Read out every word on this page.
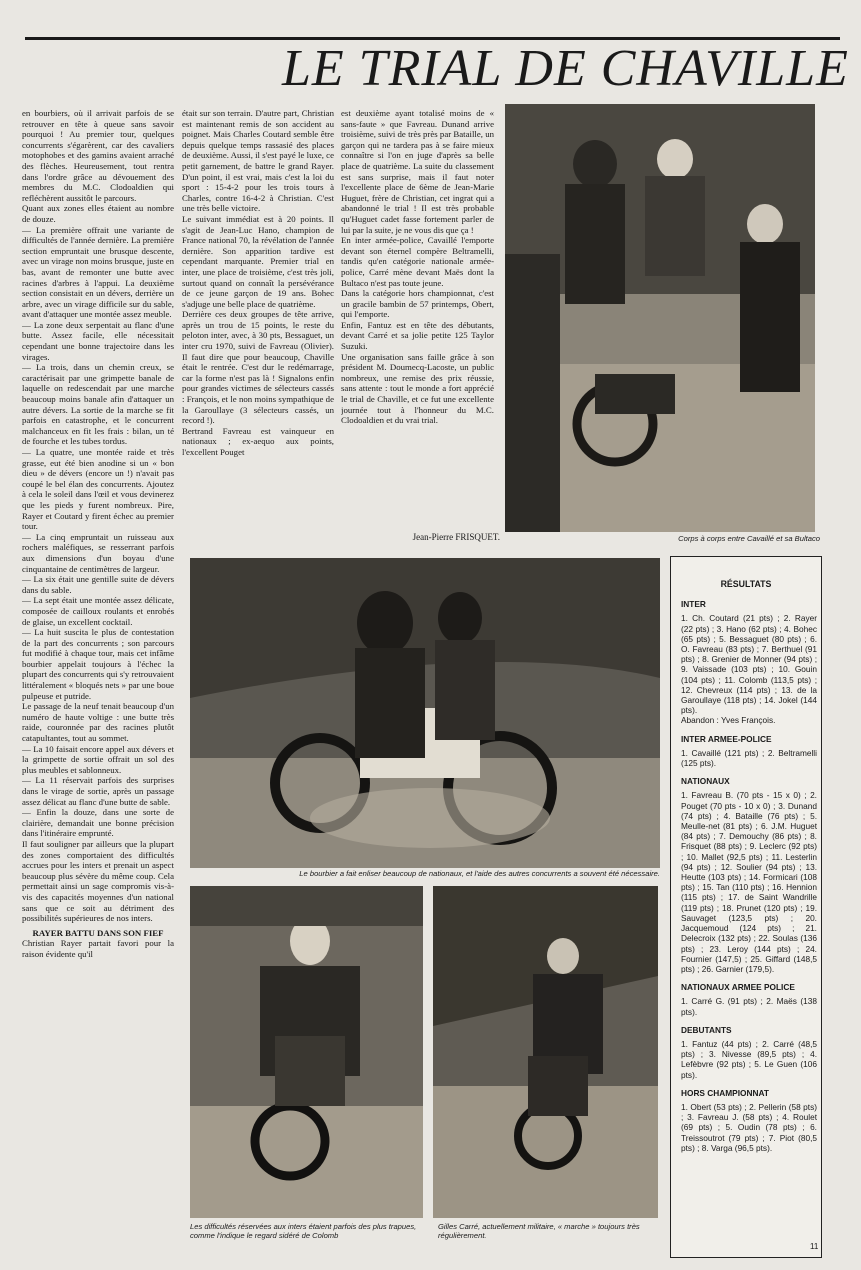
LE TRIAL DE CHAVILLE

en bourbiers, où il arrivait parfois de se retrouver en tête à queue sans savoir pourquoi ! Au premier tour, quelques concurrents s'égarèrent, car des cavaliers motophobes et des gamins avaient arraché des flèches. Heureusement, tout rentra dans l'ordre grâce au dévouement des membres du M.C. Clodoaldien qui refléchèrent aussitôt le parcours.

Quant aux zones elles étaient au nombre de douze.

— La première offrait une variante de difficultés de l'année dernière. La première section empruntait une brusque descente, avec un virage non moins brusque, juste en bas, avant de remonter une butte avec racines d'arbres à l'appui. La deuxième section consistait en un dévers, derrière un arbre, avec un virage difficile sur du sable, avant d'attaquer une montée assez meuble.

— La zone deux serpentait au flanc d'une butte. Assez facile, elle nécessitait cependant une bonne trajectoire dans les virages.

— La trois, dans un chemin creux, se caractérisait par une grimpette banale de laquelle on redescendait par une marche beaucoup moins banale afin d'attaquer un autre dévers. La sortie de la marche se fit parfois en catastrophe, et le concurrent malchanceux en fit les frais : bilan, un té de fourche et les tubes tordus.

— La quatre, une montée raide et très grasse, eut été bien anodine si un « bon dieu » de dévers (encore un !) n'avait pas coupé le bel élan des concurrents. Ajoutez à cela le soleil dans l'œil et vous devinerez que les pieds y furent nombreux. Pire, Rayer et Coutard y firent échec au premier tour.

— La cinq empruntait un ruisseau aux rochers maléfiques, se resserrant parfois aux dimensions d'un boyau d'une cinquantaine de centimètres de largeur.

— La six était une gentille suite de dévers dans du sable.

— La sept était une montée assez délicate, composée de cailloux roulants et enrobés de glaise, un excellent cocktail.

— La huit suscita le plus de contestation de la part des concurrents ; son parcours fut modifié à chaque tour, mais cet infâme bourbier appelait toujours à l'échec la plupart des concurrents qui s'y retrouvaient littéralement « bloqués nets » par une boue pulpeuse et putride.

Le passage de la neuf tenait beaucoup d'un numéro de haute voltige : une butte très raide, couronnée par des racines plutôt catapultantes, tout au sommet.

— La 10 faisait encore appel aux dévers et la grimpette de sortie offrait un sol des plus meubles et sablonneux.

— La 11 réservait parfois des surprises dans le virage de sortie, après un passage assez délicat au flanc d'une butte de sable.

— Enfin la douze, dans une sorte de clairière, demandait une bonne précision dans l'itinéraire emprunté.

Il faut souligner par ailleurs que la plupart des zones comportaient des difficultés accrues pour les inters et prenait un aspect beaucoup plus sévère du même coup. Cela permettait ainsi un sage compromis vis-à-vis des capacités moyennes d'un national sans que ce soit au détriment des possibilités supérieures de nos inters.

RAYER BATTU DANS SON FIEF

Christian Rayer partait favori pour la raison évidente qu'il

était sur son terrain. D'autre part, Christian est maintenant remis de son accident au poignet. Mais Charles Coutard semble être depuis quelque temps rassasié des places de deuxième. Aussi, il s'est payé le luxe, ce petit garnement, de battre le grand Rayer. D'un point, il est vrai, mais c'est la loi du sport : 15-4-2 pour les trois tours à Charles, contre 16-4-2 à Christian. C'est une très belle victoire.

Le suivant immédiat est à 20 points. Il s'agit de Jean-Luc Hano, champion de France national 70, la révélation de l'année dernière. Son apparition tardive est cependant marquante. Premier trial en inter, une place de troisième, c'est très joli, surtout quand on connaît la persévérance de ce jeune garçon de 19 ans. Bohec s'adjuge une belle place de quatrième.

Derrière ces deux groupes de tête arrive, après un trou de 15 points, le reste du peloton inter, avec, à 30 pts, Bessaguet, un inter cru 1970, suivi de Favreau (Olivier). Il faut dire que pour beaucoup, Chaville était le rentrée. C'est dur le redémarrage, car la forme n'est pas là ! Signalons enfin pour grandes victimes de sélecteurs cassés : François, et le non moins sympathique de la Garoullaye (3 sélecteurs cassés, un record !).

Bertrand Favreau est vainqueur en nationaux ; ex-aequo aux points, l'excellent Pouget

est deuxième ayant totalisé moins de « sans-faute » que Favreau. Dunand arrive troisième, suivi de très près par Bataille, un garçon qui ne tardera pas à se faire mieux connaître si l'on en juge d'après sa belle place de quatrième. La suite du classement est sans surprise, mais il faut noter l'excellente place de 6ème de Jean-Marie Huguet, frère de Christian, cet ingrat qui a abandonné le trial ! Il est très probable qu'Huguet cadet fasse fortement parler de lui par la suite, je ne vous dis que ça !

En inter armée-police, Cavaillé l'emporte devant son éternel compère Beltramelli, tandis qu'en catégorie nationale armée-police, Carré mène devant Maës dont la Bultaco n'est pas toute jeune.

Dans la catégorie hors championnat, c'est un gracile bambin de 57 printemps, Obert, qui l'emporte.

Enfin, Fantuz est en tête des débutants, devant Carré et sa jolie petite 125 Taylor Suzuki.

Une organisation sans faille grâce à son président M. Doumecq-Lacoste, un public nombreux, une remise des prix réussie, sans attente : tout le monde a fort apprécié le trial de Chaville, et ce fut une excellente journée tout à l'honneur du M.C. Clodoaldien et du vrai trial.

Jean-Pierre FRISQUET.	Corps à corps entre Cavaillé et sa Bultaco
Le bourbier a fait enliser beaucoup de nationaux, et l'aide des autres concurrents a souvent été nécessaire.
Les difficultés réservées aux inters étaient parfois des plus trapues, comme l'indique le regard sidéré de Colomb
Gilles Carré, actuellement militaire, « marche » toujours très régulièrement.
RÉSULTATS
INTER
1. Ch. Coutard (21 pts) ; 2. Rayer (22 pts) ; 3. Hano (62 pts) ; 4. Bohec (65 pts) ; 5. Bessaguet (80 pts) ; 6. O. Favreau (83 pts) ; 7. Berthuel (91 pts) ; 8. Grenier de Monner (94 pts) ; 9. Vaissade (103 pts) ; 10. Gouin (104 pts) ; 11. Colomb (113,5 pts) ; 12. Chevreux (114 pts) ; 13. de la Garoullaye (118 pts) ; 14. Jokel (144 pts).
Abandon : Yves François.
INTER ARMEE-POLICE
1. Cavaillé (121 pts) ; 2. Beltramelli (125 pts).
NATIONAUX
1. Favreau B. (70 pts - 15 x 0) ; 2. Pouget (70 pts - 10 x 0) ; 3. Dunand (74 pts) ; 4. Bataille (76 pts) ; 5. Meulle-net (81 pts) ; 6. J.M. Huguet (84 pts) ; 7. Demouchy (86 pts) ; 8. Frisquet (88 pts) ; 9. Leclerc (92 pts) ; 10. Mallet (92,5 pts) ; 11. Lesterlin (94 pts) ; 12. Soulier (94 pts) ; 13. Heutte (103 pts) ; 14. Formicari (108 pts) ; 15. Tan (110 pts) ; 16. Hennion (115 pts) ; 17. de Saint Wandrille (119 pts) ; 18. Prunet (120 pts) ; 19. Sauvaget (123,5 pts) ; 20. Jacquemoud (124 pts) ; 21. Delecroix (132 pts) ; 22. Soulas (136 pts) ; 23. Leroy (144 pts) ; 24. Fournier (147,5) ; 25. Giffard (148,5 pts) ; 26. Garnier (179,5).
NATIONAUX ARMEE POLICE
1. Carré G. (91 pts) ; 2. Maës (138 pts).
DEBUTANTS
1. Fantuz (44 pts) ; 2. Carré (48,5 pts) ; 3. Nivesse (89,5 pts) ; 4. Lefèbvre (92 pts) ; 5. Le Guen (106 pts).
HORS CHAMPIONNAT
1. Obert (53 pts) ; 2. Pellerin (58 pts) ; 3. Favreau J. (58 pts) ; 4. Roulet (69 pts) ; 5. Oudin (78 pts) ; 6. Treissoutrot (79 pts) ; 7. Piot (80,5 pts) ; 8. Varga (96,5 pts).
11
